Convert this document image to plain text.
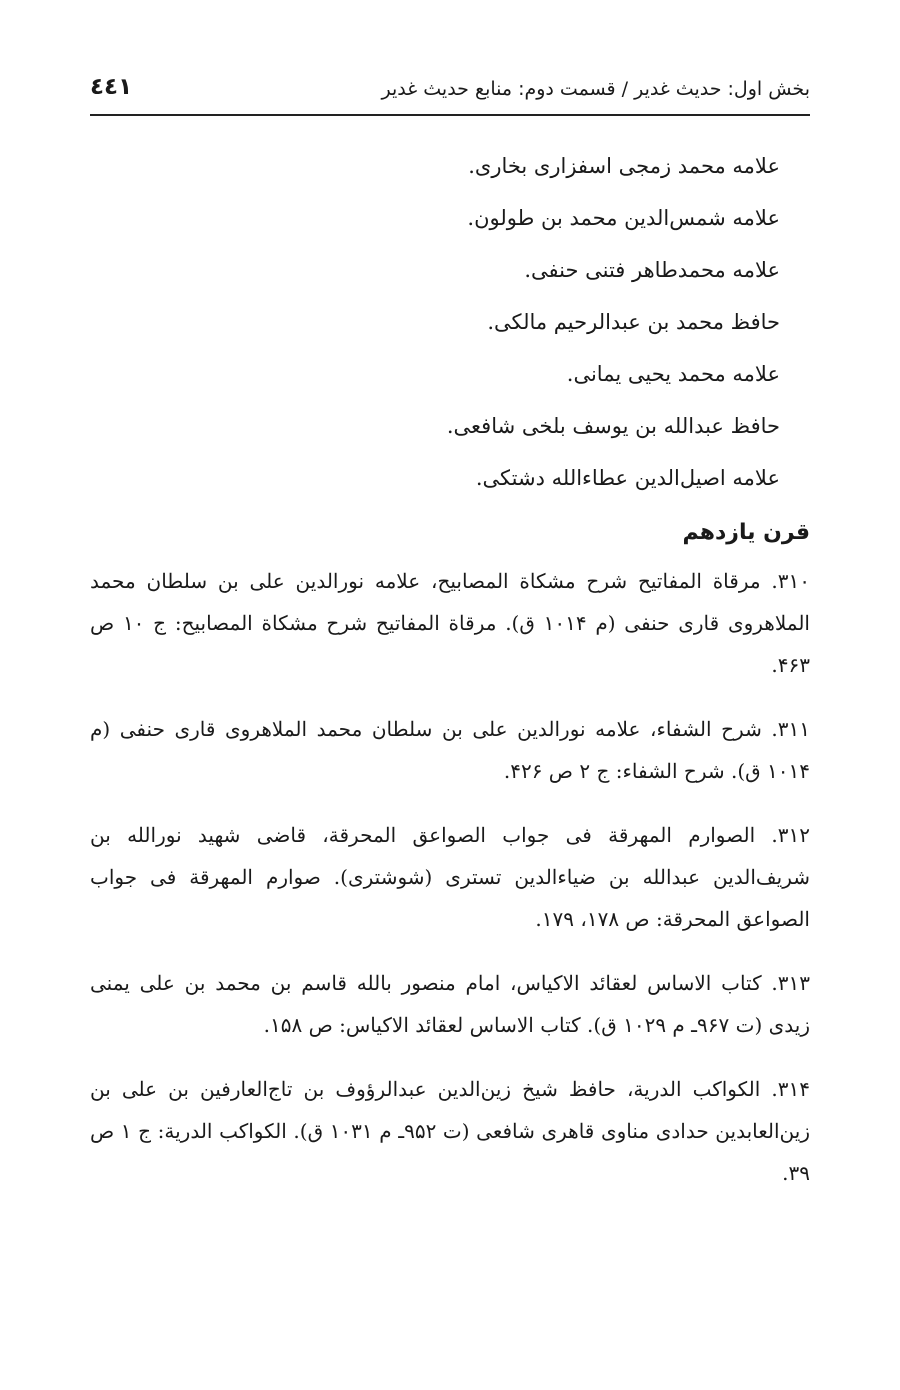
بخش اول: حدیث غدیر / قسمت دوم: منابع حدیث غدیر
٤٤١
علامه محمد زمجی اسفزاری بخاری.
علامه شمس‌الدین محمد بن طولون.
علامه محمدطاهر فتنی حنفی.
حافظ محمد بن عبدالرحیم مالکی.
علامه محمد یحیی یمانی.
حافظ عبدالله بن یوسف بلخی شافعی.
علامه اصیل‌الدین عطاءالله دشتکی.
قرن یازدهم

۳۱۰. مرقاة المفاتیح شرح مشکاة المصابیح، علامه نورالدین علی بن سلطان محمد الملاهروی قاری حنفی (م ۱۰۱۴ ق). مرقاة المفاتیح شرح مشکاة المصابیح: ج ۱۰ ص ۴۶۳.

۳۱۱. شرح الشفاء، علامه نورالدین علی بن سلطان محمد الملاهروی قاری حنفی (م ۱۰۱۴ ق). شرح الشفاء: ج ۲ ص ۴۲۶.

۳۱۲. الصوارم المهرقة فی جواب الصواعق المحرقة، قاضی شهید نورالله بن شریف‌الدین عبدالله بن ضیاءالدین تستری (شوشتری). صوارم المهرقة فی جواب الصواعق المحرقة: ص ۱۷۸، ۱۷۹.

۳۱۳. کتاب الاساس لعقائد الاکیاس، امام منصور بالله قاسم بن محمد بن علی یمنی زیدی (ت ۹۶۷ـ م ۱۰۲۹ ق). کتاب الاساس لعقائد الاکیاس: ص ۱۵۸.

۳۱۴. الکواکب الدریة، حافظ شیخ زین‌الدین عبدالرؤوف بن تاج‌العارفین بن علی بن زین‌العابدین حدادی مناوی قاهری شافعی (ت ۹۵۲ـ م ۱۰۳۱ ق). الکواکب الدریة: ج ۱ ص ۳۹.
